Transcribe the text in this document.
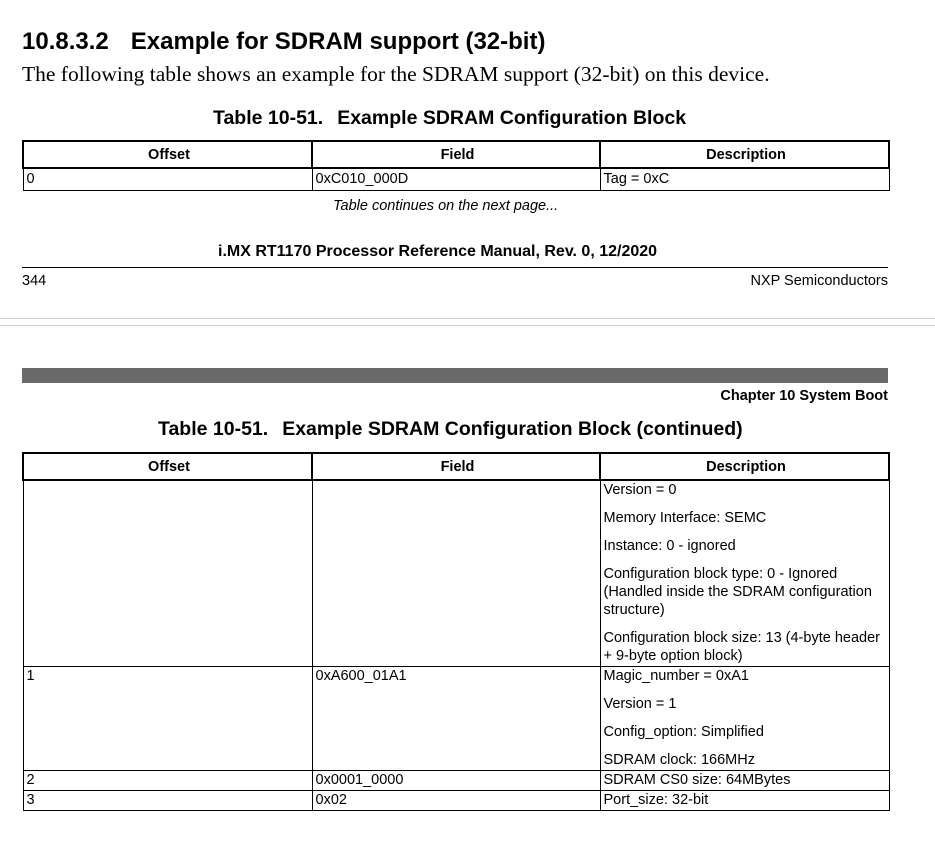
10.8.3.2 Example for SDRAM support (32-bit)
The following table shows an example for the SDRAM support (32-bit) on this device.
Table 10-51. Example SDRAM Configuration Block
Offset	Field	Description
0	0xC010_000D	Tag = 0xC
Table continues on the next page...
i.MX RT1170 Processor Reference Manual, Rev. 0, 12/2020
344	NXP Semiconductors
Chapter 10 System Boot
Table 10-51. Example SDRAM Configuration Block (continued)
Offset	Field	Description

		Version = 0
Memory Interface: SEMC
Instance: 0 - ignored
Configuration block type: 0 - Ignored (Handled inside the SDRAM configuration structure)
Configuration block size: 13 (4-byte header + 9-byte option block)

1	0xA600_01A1	Magic_number = 0xA1
Version = 1
Config_option: Simplified
SDRAM clock: 166MHz

2	0x0001_0000	SDRAM CS0 size: 64MBytes

3	0x02	Port_size: 32-bit
